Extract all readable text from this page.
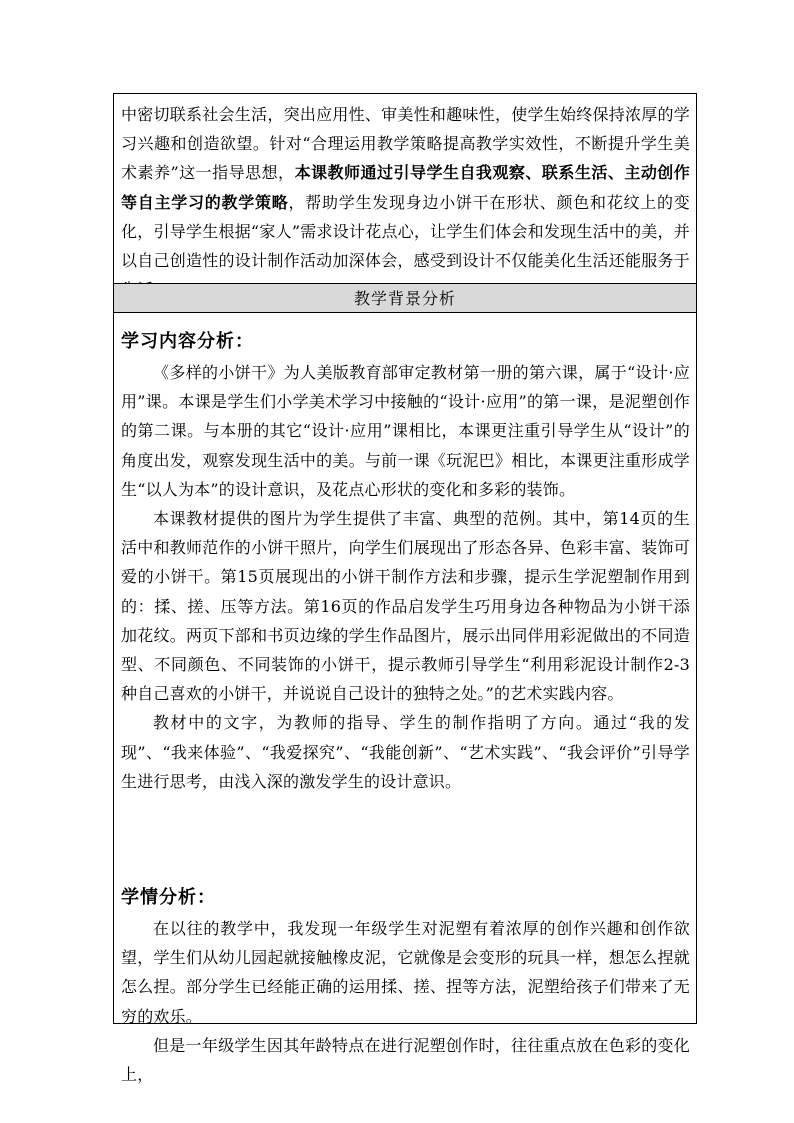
中密切联系社会生活，突出应用性、审美性和趣味性，使学生始终保持浓厚的学习兴趣和创造欲望。针对“合理运用教学策略提高教学实效性，不断提升学生美术素养”这一指导思想，本课教师通过引导学生自我观察、联系生活、主动创作等自主学习的教学策略，帮助学生发现身边小饼干在形状、颜色和花纹上的变化，引导学生根据“家人”需求设计花点心，让学生们体会和发现生活中的美，并以自己创造性的设计制作活动加深体会，感受到设计不仅能美化生活还能服务于
教学背景分析
学习内容分析：

《多样的小饼干》为人美版教育部审定教材第一册的第六课，属于“设计·应用”课。本课是学生们小学美术学习中接触的“设计·应用”的第一课，是泥塑创作的第二课。与本册的其它“设计·应用”课相比，本课更注重引导学生从“设计”的角度出发，观察发现生活中的美。与前一课《玩泥巴》相比，本课更注重形成学生“以人为本”的设计意识，及花点心形状的变化和多彩的装饰。

本课教材提供的图片为学生提供了丰富、典型的范例。其中，第14页的生活中和教师范作的小饼干照片，向学生们展现出了形态各异、色彩丰富、装饰可爱的小饼干。第15页展现出的小饼干制作方法和步骤，提示生学泥塑制作用到的：揉、搓、压等方法。第16页的作品启发学生巧用身边各种物品为小饼干添加花纹。两页下部和书页边缘的学生作品图片，展示出同伴用彩泥做出的不同造型、不同颜色、不同装饰的小饼干，提示教师引导学生“利用彩泥设计制作2-3种自己喜欢的小饼干，并说说自己设计的独特之处。”的艺术实践内容。

教材中的文字，为教师的指导、学生的制作指明了方向。通过“我的发现”、“我来体验”、“我爱探究”、“我能创新”、“艺术实践”、“我会评价”引导学生进行思考，由浅入深的激发学生的设计意识。

学情分析：

在以往的教学中，我发现一年级学生对泥塑有着浓厚的创作兴趣和创作欲望，学生们从幼儿园起就接触橡皮泥，它就像是会变形的玩具一样，想怎么捏就怎么捏。部分学生已经能正确的运用揉、搓、捏等方法，泥塑给孩子们带来了无穷的欢乐。

但是一年级学生因其年龄特点在进行泥塑创作时，往往重点放在色彩的变化上，
